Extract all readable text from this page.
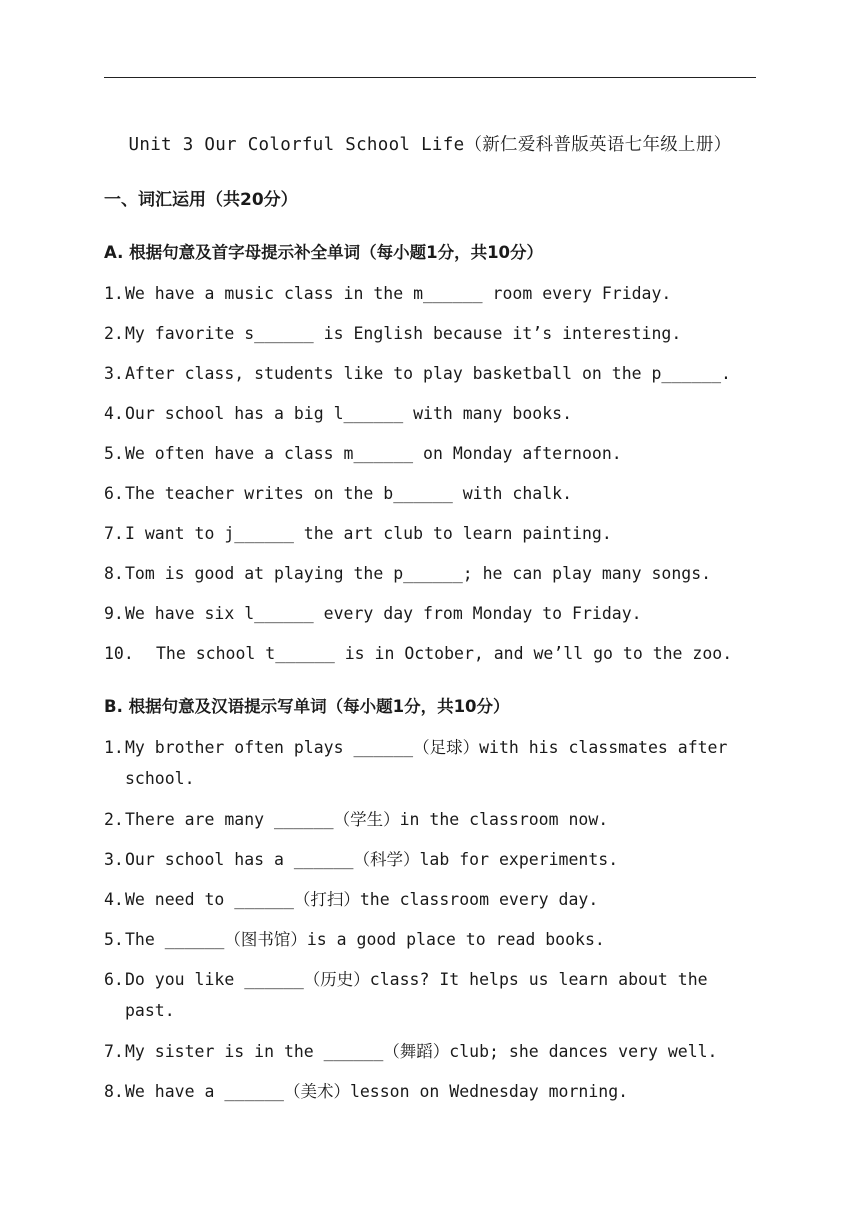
Unit 3 Our Colorful School Life（新仁爱科普版英语七年级上册）
一、词汇运用（共20分）
A. 根据句意及首字母提示补全单词（每小题1分，共10分）
1.We have a music class in the m______ room every Friday.
2.My favorite s______ is English because it’s interesting.
3.After class, students like to play basketball on the p______.
4.Our school has a big l______ with many books.
5.We often have a class m______ on Monday afternoon.
6.The teacher writes on the b______ with chalk.
7.I want to j______ the art club to learn painting.
8.Tom is good at playing the p______; he can play many songs.
9.We have six l______ every day from Monday to Friday.
10. The school t______ is in October, and we’ll go to the zoo.
B. 根据句意及汉语提示写单词（每小题1分，共10分）
1.My brother often plays ______（足球）with his classmates after school.
2.There are many ______（学生）in the classroom now.
3.Our school has a ______（科学）lab for experiments.
4.We need to ______（打扫）the classroom every day.
5.The ______（图书馆）is a good place to read books.
6.Do you like ______（历史）class? It helps us learn about the past.
7.My sister is in the ______（舞蹈）club; she dances very well.
8.We have a ______（美术）lesson on Wednesday morning.
